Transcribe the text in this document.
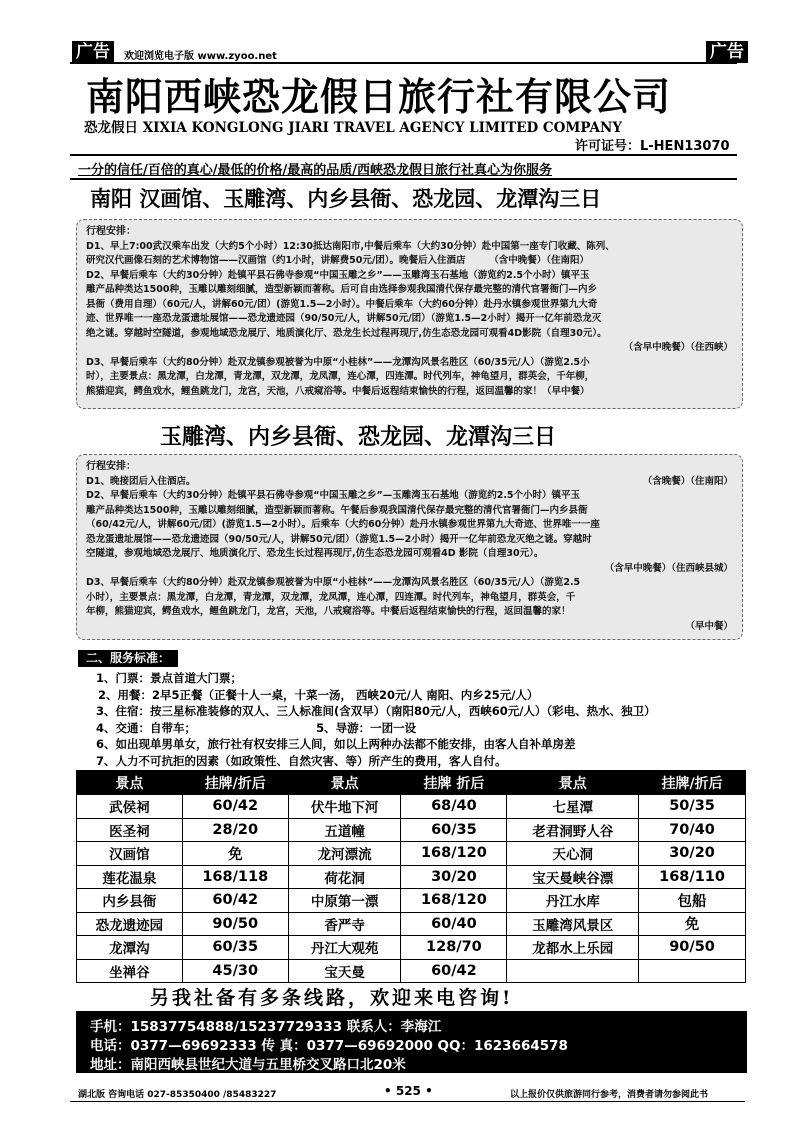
广告	欢迎浏览电子版 www.zyoo.net	广告
南阳西峡恐龙假日旅行社有限公司
恐龙假日 XIXIA KONGLONG JIARI TRAVEL AGENCY LIMITED COMPANY
许可证号：L-HEN13070
一分的信任/百倍的真心/最低的价格/最高的品质/西峡恐龙假日旅行社真心为你服务
南阳 汉画馆、玉雕湾、内乡县衙、恐龙园、龙潭沟三日
行程安排：
D1、早上7:00武汉乘车出发（大约5个小时）12:30抵达南阳市,中餐后乘车（大约30分钟）赴中国第一座专门收藏、陈列、
研究汉代画像石刻的艺术博物馆——汉画馆（约1小时，讲解费50元/团）。晚餐后入住酒店　　　（含中晚餐）（住南阳）
D2、早餐后乘车（大约30分钟）赴镇平县石佛寺参观“中国玉雕之乡”——玉雕湾玉石基地（游览约2.5个小时）镇平玉
雕产品种类达1500种，玉雕以雕刻细腻，造型新颖而著称。后可自由选择参观我国清代保存最完整的清代官署衙门—内乡
县衙（费用自理）（60元/人，讲解60元/团）(游览1.5—2小时）。中餐后乘车（大约60分钟）赴丹水镇参观世界第九大奇
迹、世界唯一一座恐龙蛋遗址展馆——恐龙遗迹园（90/50元/人，讲解50元/团）（游览1.5—2小时）揭开一亿年前恐龙灭
绝之谜。穿越时空隧道，参观地域恐龙展厅、地质演化厅、恐龙生长过程再现厅,仿生态恐龙园可观看4D影院（自理30元）。
（含早中晚餐）（住西峡）
D3、早餐后乘车（大约80分钟）赴双龙镇参观被誉为中原“小桂林”——龙潭沟风景名胜区（60/35元/人）（游览2.5小
时），主要景点：黑龙潭，白龙潭，青龙潭，双龙潭，龙凤潭，连心潭，四连潭。时代列车，神龟望月，群英会，千年柳，
熊猫迎宾，鳄鱼戏水，鲤鱼跳龙门，龙宫，天池，八戒窥浴等。中餐后返程结束愉快的行程，返回温馨的家！（早中餐）
玉雕湾、内乡县衙、恐龙园、龙潭沟三日
行程安排：
D1、晚接团后入住酒店。	（含晚餐）（住南阳）
D2、早餐后乘车（大约30分钟）赴镇平县石佛寺参观“中国玉雕之乡”—玉雕湾玉石基地（游览约2.5个小时）镇平玉
雕产品种类达1500种，玉雕以雕刻细腻，造型新颖而著称。午餐后参观我国清代保存最完整的清代官署衙门—内乡县衙
（60/42元/人，讲解60元/团）(游览1.5—2小时）。后乘车（大约60分钟）赴丹水镇参观世界第九大奇迹、世界唯一一座
恐龙蛋遗址展馆——恐龙遗迹园（90/50元/人，讲解50元/团）（游览1.5—2小时）揭开一亿年前恐龙灭绝之谜。穿越时
空隧道，参观地域恐龙展厅、地质演化厅、恐龙生长过程再现厅,仿生态恐龙园可观看4D 影院（自理30元）。
（含早中晚餐）（住西峡县城）
D3、早餐后乘车（大约80分钟）赴双龙镇参观被誉为中原“小桂林”——龙潭沟风景名胜区（60/35元/人）（游览2.5
小时），主要景点：黑龙潭，白龙潭，青龙潭，双龙潭，龙凤潭，连心潭，四连潭。时代列车，神龟望月，群英会，千
年柳，熊猫迎宾，鳄鱼戏水，鲤鱼跳龙门，龙宫，天池，八戒窥浴等。中餐后返程结束愉快的行程，返回温馨的家！
（早中餐）
二、服务标准：
1、门票：景点首道大门票；
2、用餐：2早5正餐（正餐十人一桌，十菜一汤， 西峡20元/人 南阳、内乡25元/人）
3、住宿：按三星标准装修的双人、三人标准间(含双早）（南阳80元/人，西峡60元/人）（彩电、热水、独卫）
4、交通：自带车；                              5、导游：一团一设
6、如出现单男单女，旅行社有权安排三人间，如以上两种办法都不能安排，由客人自补单房差
7、人力不可抗拒的因素（如政策性、自然灾害、等）所产生的费用，客人自付。
景点	挂牌/折后	景点	挂牌 折后	景点	挂牌/折后
武侯祠	60/42	伏牛地下河	68/40	七星潭	50/35
医圣祠	28/20	五道幢	60/35	老君洞野人谷	70/40
汉画馆	免	龙河漂流	168/120	天心洞	30/20
莲花温泉	168/118	荷花洞	30/20	宝天曼峡谷漂	168/110
内乡县衙	60/42	中原第一漂	168/120	丹江水库	包船
恐龙遗迹园	90/50	香严寺	60/40	玉雕湾风景区	免
龙潭沟	60/35	丹江大观苑	128/70	龙都水上乐园	90/50
坐禅谷	45/30	宝天曼	60/42		
另我社备有多条线路，欢迎来电咨询!
手机：15837754888/15237729333 联系人：李海江
电话：0377—69692333 传 真：0377—69692000 QQ：1623664578
地址：南阳西峡县世纪大道与五里桥交叉路口北20米
湖北版 咨询电话 027-85350400 /85483227	• 525 •	以上报价仅供旅游同行参考，消费者请勿参阅此书
